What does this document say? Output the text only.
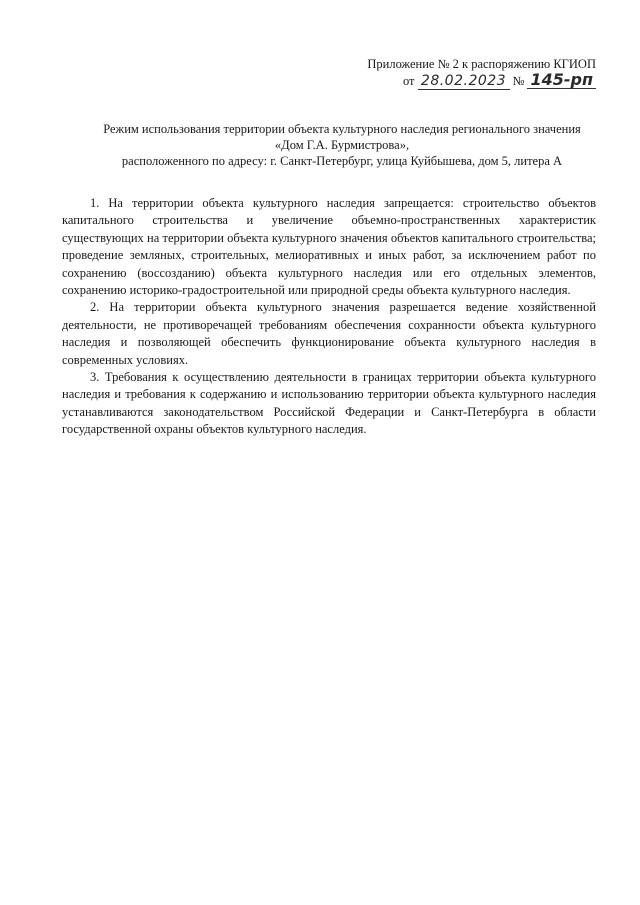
Приложение № 2 к распоряжению КГИОП
от 28.02.2023 № 145-рп
Режим использования территории объекта культурного наследия регионального значения
«Дом Г.А. Бурмистрова»,
расположенного по адресу: г. Санкт-Петербург, улица Куйбышева, дом 5, литера А

1. На территории объекта культурного наследия запрещается: строительство объектов капитального строительства и увеличение объемно-пространственных характеристик существующих на территории объекта культурного значения объектов капитального строительства; проведение земляных, строительных, мелиоративных и иных работ, за исключением работ по сохранению (воссозданию) объекта культурного наследия или его отдельных элементов, сохранению историко-градостроительной или природной среды объекта культурного наследия.

2. На территории объекта культурного значения разрешается ведение хозяйственной деятельности, не противоречащей требованиям обеспечения сохранности объекта культурного наследия и позволяющей обеспечить функционирование объекта культурного наследия в современных условиях.

3. Требования к осуществлению деятельности в границах территории объекта культурного наследия и требования к содержанию и использованию территории объекта культурного наследия устанавливаются законодательством Российской Федерации и Санкт-Петербурга в области государственной охраны объектов культурного наследия.
